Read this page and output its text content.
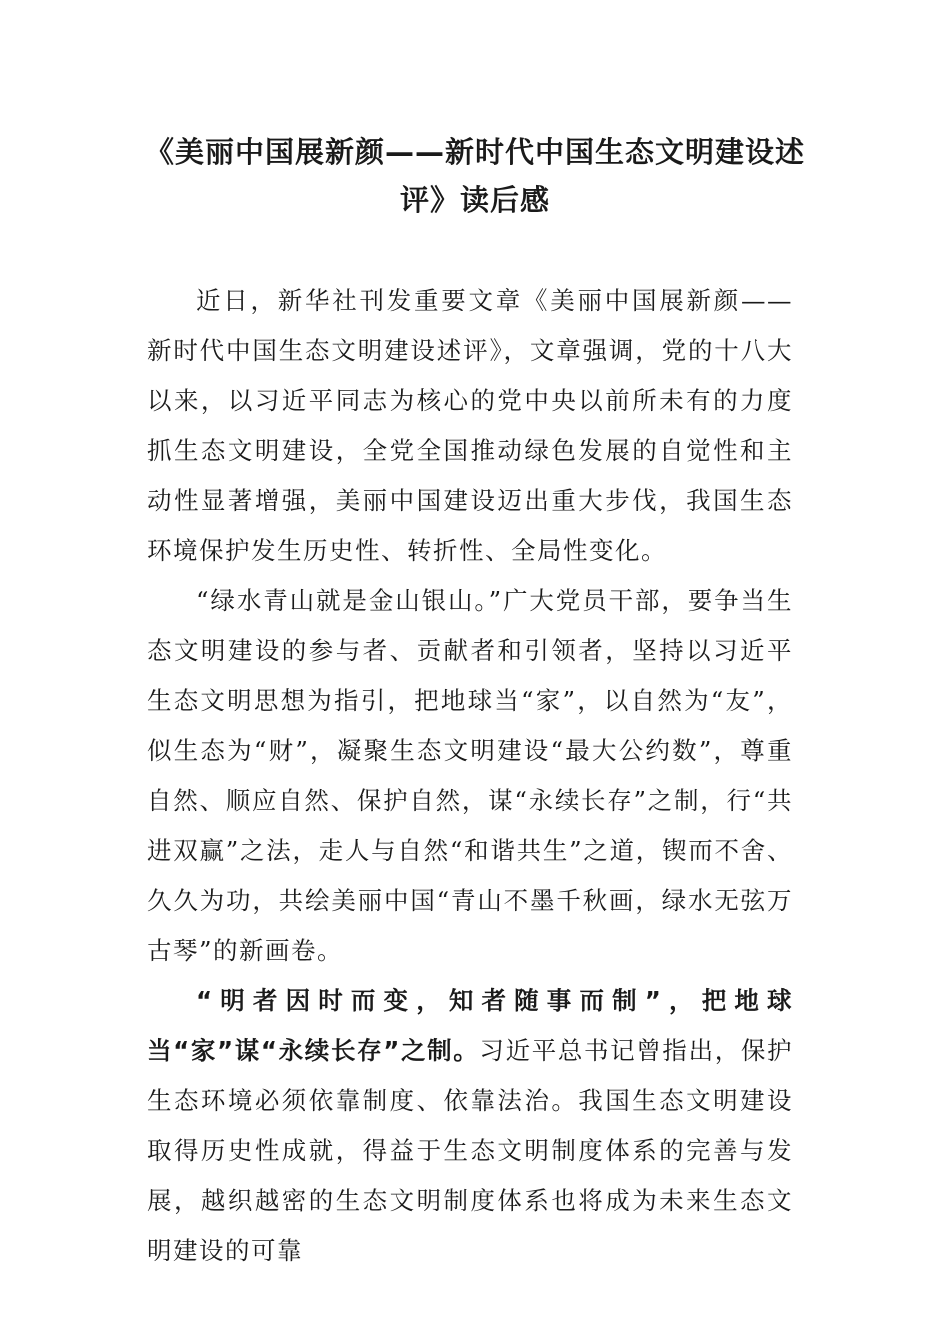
《美丽中国展新颜——新时代中国生态文明建设述评》读后感

近日，新华社刊发重要文章《美丽中国展新颜——新时代中国生态文明建设述评》，文章强调，党的十八大以来，以习近平同志为核心的党中央以前所未有的力度抓生态文明建设，全党全国推动绿色发展的自觉性和主动性显著增强，美丽中国建设迈出重大步伐，我国生态环境保护发生历史性、转折性、全局性变化。

“绿水青山就是金山银山。”广大党员干部，要争当生态文明建设的参与者、贡献者和引领者，坚持以习近平生态文明思想为指引，把地球当“家”，以自然为“友”，似生态为“财”，凝聚生态文明建设“最大公约数”，尊重自然、顺应自然、保护自然，谋“永续长存”之制，行“共进双赢”之法，走人与自然“和谐共生”之道，锲而不舍、久久为功，共绘美丽中国“青山不墨千秋画，绿水无弦万古琴”的新画卷。

“明者因时而变，知者随事而制”，把地球当“家”谋“永续长存”之制。习近平总书记曾指出，保护生态环境必须依靠制度、依靠法治。我国生态文明建设取得历史性成就，得益于生态文明制度体系的完善与发展，越织越密的生态文明制度体系也将成为未来生态文明建设的可靠
